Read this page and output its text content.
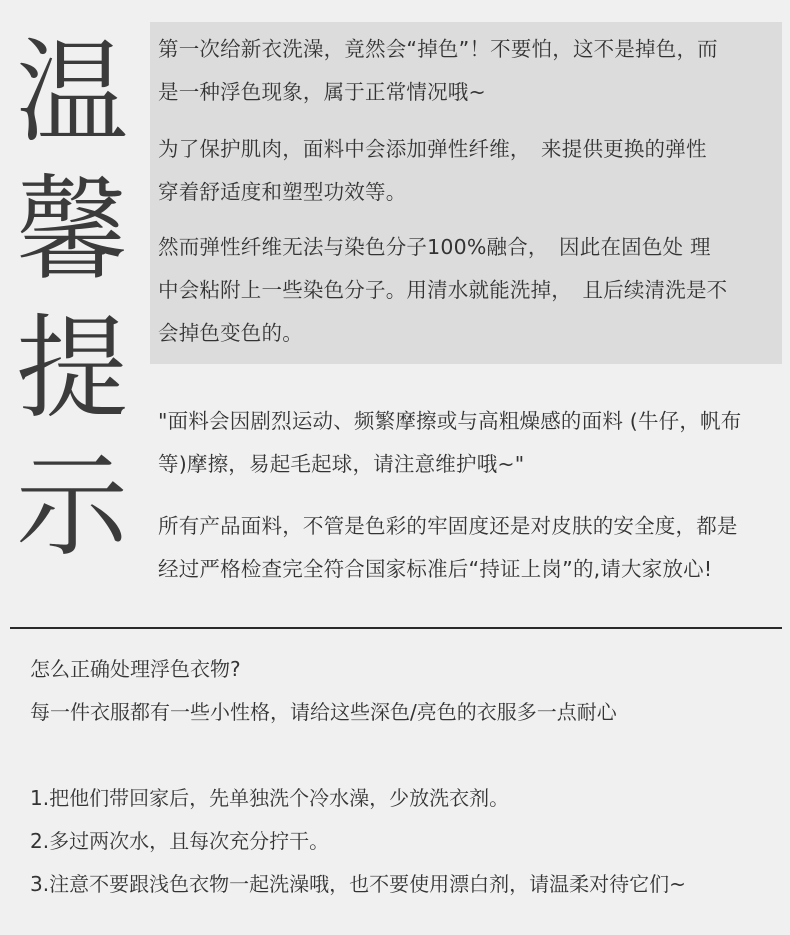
温
馨
提
示

第一次给新衣洗澡，竟然会“掉色”！不要怕，这不是掉色，而
是一种浮色现象，属于正常情况哦~

为了保护肌肉，面料中会添加弹性纤维，　来提供更换的弹性
穿着舒适度和塑型功效等。

然而弹性纤维无法与染色分子100%融合，　因此在固色处 理
中会粘附上一些染色分子。用清水就能洗掉，　且后续清洗是不
会掉色变色的。

"面料会因剧烈运动、频繁摩擦或与高粗燥感的面料 (牛仔，帆布
等)摩擦，易起毛起球，请注意维护哦~"

所有产品面料，不管是色彩的牢固度还是对皮肤的安全度，都是
经过严格检查完全符合国家标准后“持证上岗”的,请大家放心!

怎么正确处理浮色衣物?
每一件衣服都有一些小性格，请给这些深色/亮色的衣服多一点耐心
1.把他们带回家后，先单独洗个冷水澡，少放洗衣剂。
2.多过两次水，且每次充分拧干。
3.注意不要跟浅色衣物一起洗澡哦，也不要使用漂白剂，请温柔对待它们~
